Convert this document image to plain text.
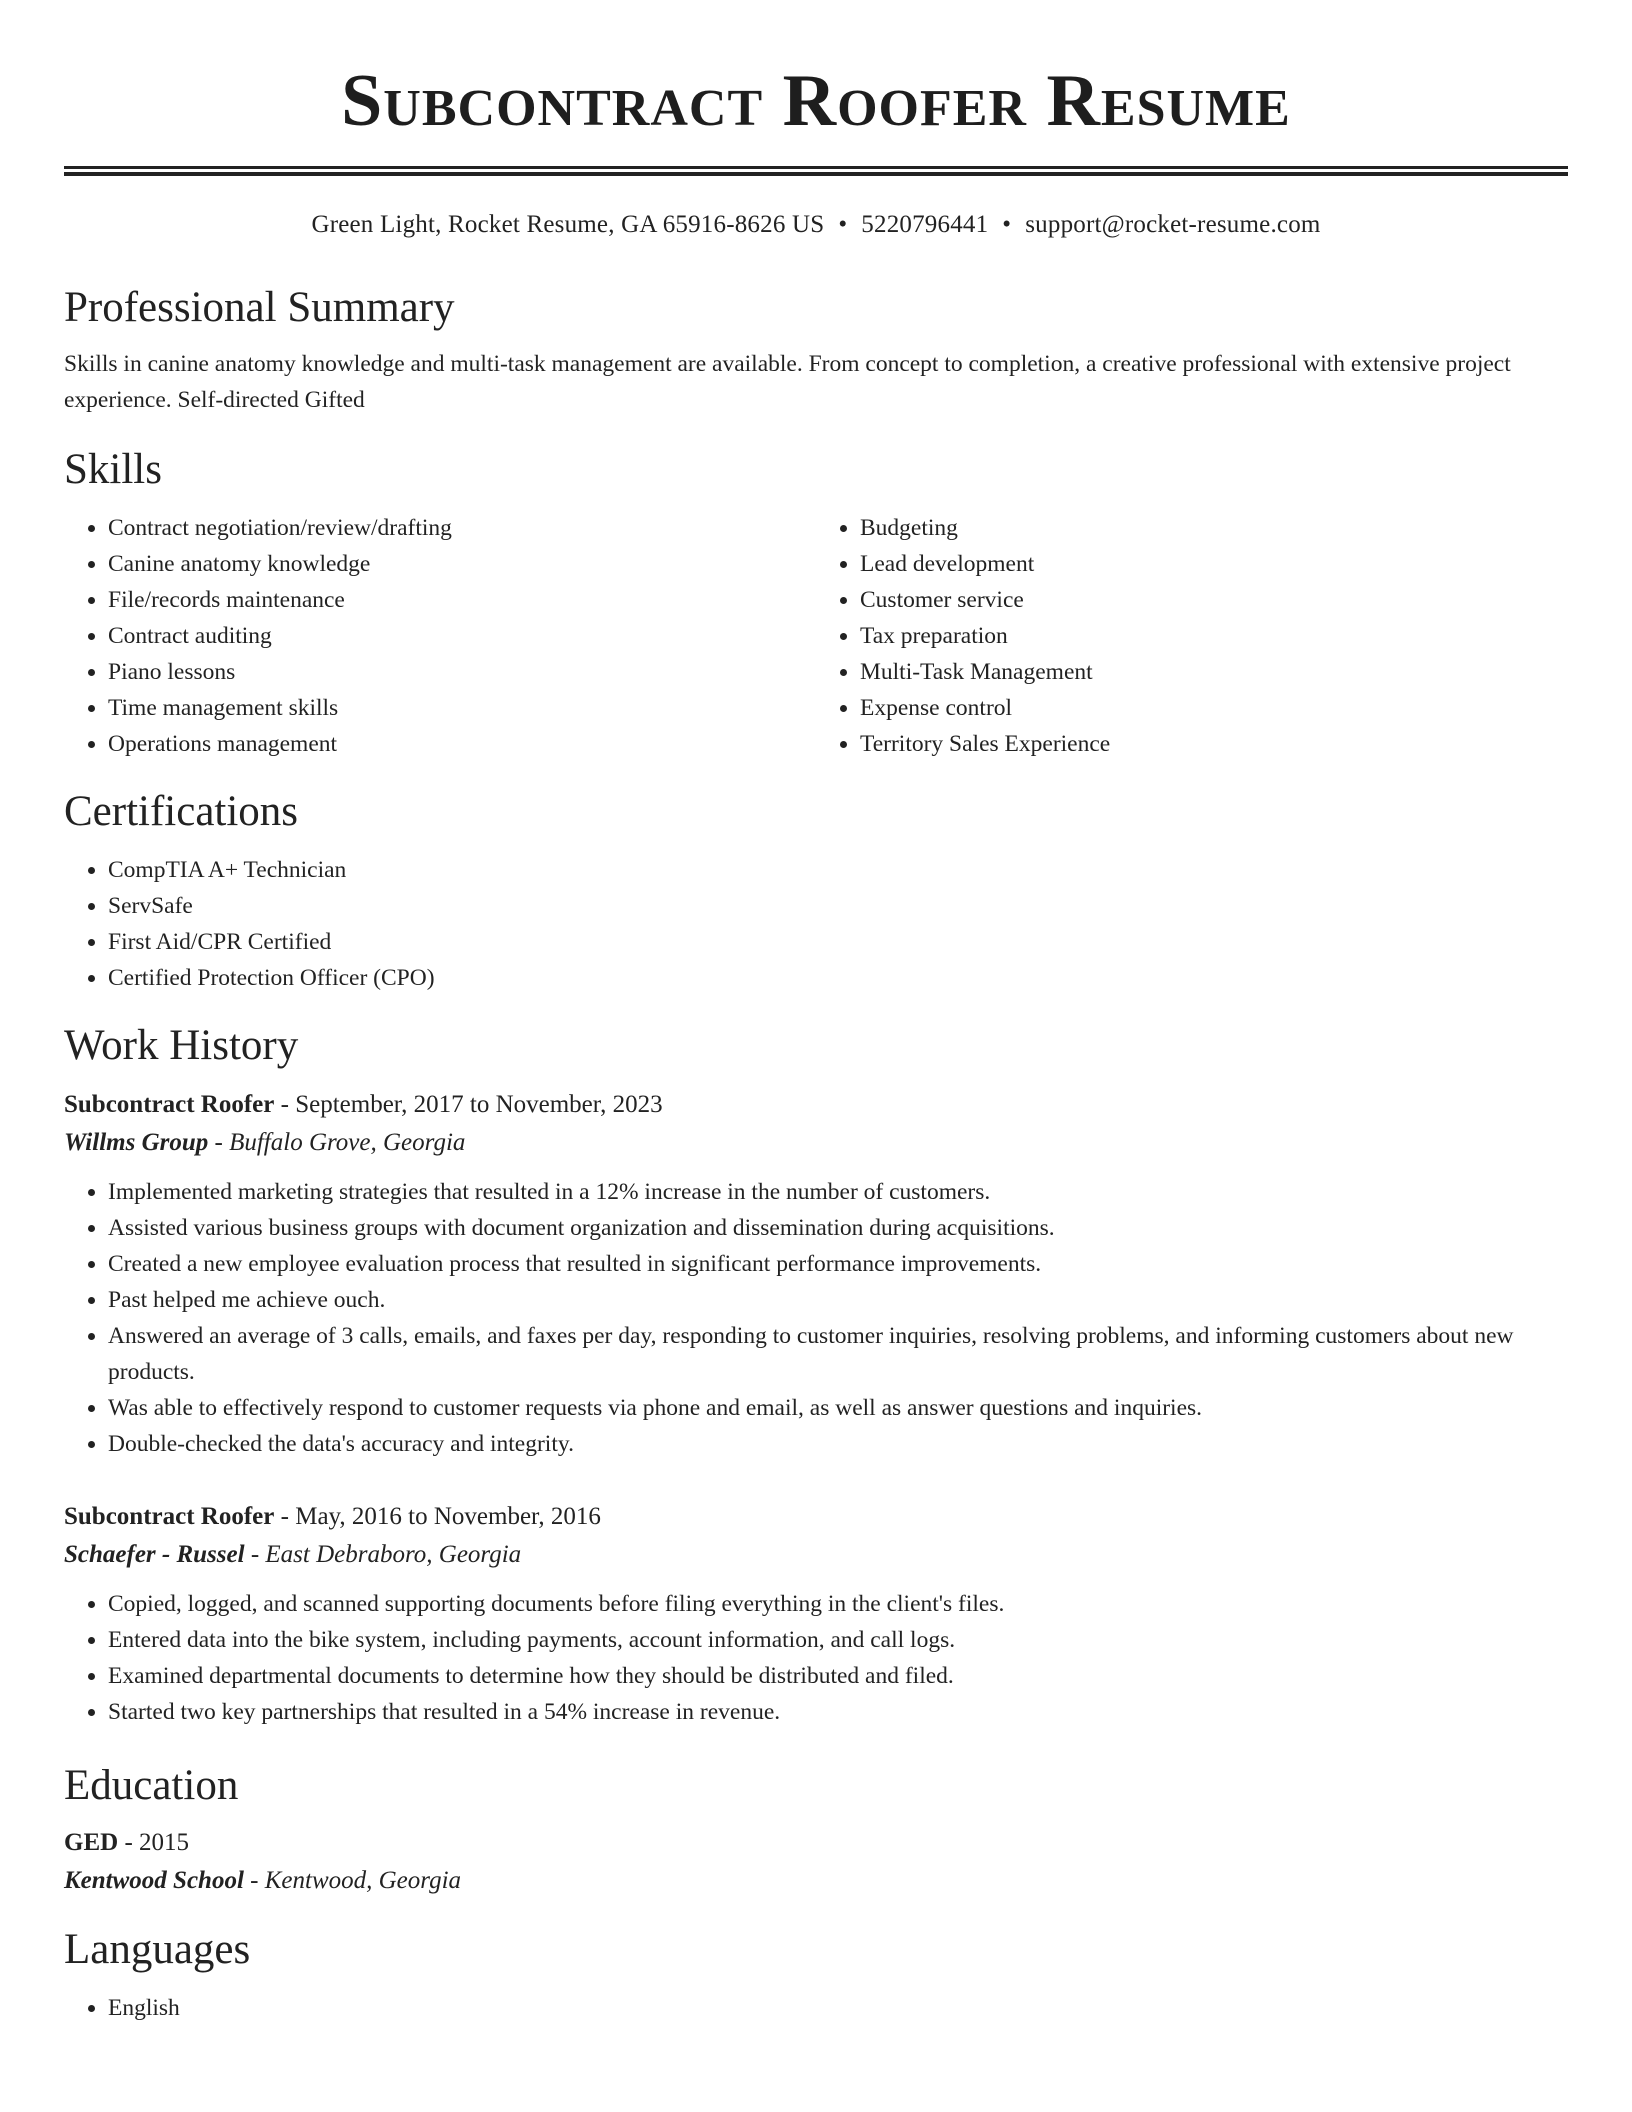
Subcontract Roofer Resume
Green Light, Rocket Resume, GA 65916-8626 US • 5220796441 • support@rocket-resume.com
Professional Summary

Skills in canine anatomy knowledge and multi-task management are available. From concept to completion, a creative professional with extensive project experience. Self-directed Gifted

Skills
• Contract negotiation/review/drafting
• Canine anatomy knowledge
• File/records maintenance
• Contract auditing
• Piano lessons
• Time management skills
• Operations management
• Budgeting
• Lead development
• Customer service
• Tax preparation
• Multi-Task Management
• Expense control
• Territory Sales Experience
Certifications
• CompTIA A+ Technician
• ServSafe
• First Aid/CPR Certified
• Certified Protection Officer (CPO)
Work History
Subcontract Roofer - September, 2017 to November, 2023
Willms Group - Buffalo Grove, Georgia
• Implemented marketing strategies that resulted in a 12% increase in the number of customers.
• Assisted various business groups with document organization and dissemination during acquisitions.
• Created a new employee evaluation process that resulted in significant performance improvements.
• Past helped me achieve ouch.
• Answered an average of 3 calls, emails, and faxes per day, responding to customer inquiries, resolving problems, and informing customers about new products.
• Was able to effectively respond to customer requests via phone and email, as well as answer questions and inquiries.
• Double-checked the data's accuracy and integrity.
Subcontract Roofer - May, 2016 to November, 2016
Schaefer - Russel - East Debraboro, Georgia
• Copied, logged, and scanned supporting documents before filing everything in the client's files.
• Entered data into the bike system, including payments, account information, and call logs.
• Examined departmental documents to determine how they should be distributed and filed.
• Started two key partnerships that resulted in a 54% increase in revenue.
Education
GED - 2015
Kentwood School - Kentwood, Georgia
Languages
• English
